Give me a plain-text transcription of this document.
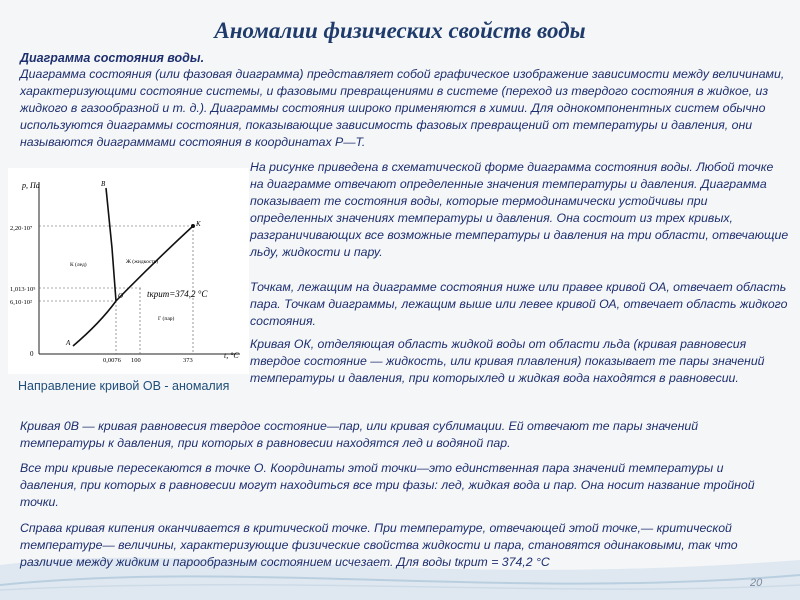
Аномалии физических свойств воды
Диаграмма состояния воды.
Диаграмма состояния (или фазовая диаграмма) представляет собой графическое изображение зависимости между величинами, характеризующими состояние системы, и фазовыми превращениями в системе (переход из твердого состояния в жидкое, из жидкого в газообразной и т. д.). Диаграммы состояния широко применяются в химии. Для однокомпонентных систем обычно используются диаграммы состояния, показывающие зависимость фазовых превращений от температуры и давления, они называются диаграммами состояния в координатах P—T.
p, Па
t, °C
2,20·10⁷
1,013·10⁵
6,10·10²
0
0,0076 100	373
B
K
O
A
К (лед)	Ж (жидкость)
Г (пар)
tкрит=374,2 °С
Направление кривой ОВ - аномалия
На рисунке приведена в схематической форме диаграмма состояния воды. Любой точке на диаграмме отвечают определенные значения температуры и давления. Диаграмма показывает те состояния воды, которые термодинамически устойчивы при определенных значениях температуры и давления. Она состоит из трех кривых, разграничивающих все возможные температуры и давления на три области, отвечающие льду, жидкости и пару.
Точкам, лежащим на диаграмме состояния ниже или правее кривой ОА, отвечает область пара. Точкам диаграммы, лежащим выше или левее кривой ОА, отвечает область жидкого состояния.
Кривая ОК, отделяющая область жидкой воды от области льда (кривая равновесия твердое состояние — жидкость, или кривая плавления) показывает те пары значений температуры и давления, при которыхлед и жидкая вода находятся в равновесии.
Кривая 0В — кривая равновесия твердое состояние—пар, или кривая сублимации. Ей отвечают те пары значений температуры к давления, при которых в равновесии находятся лед и водяной пар.
Все три кривые пересекаются в точке О. Координаты этой точки—это единственная пара значений температуры и давления, при которых в равновесии могут находиться все три фазы: лед, жидкая вода и пар. Она носит название тройной точки.
Справа кривая кипения оканчивается в критической точке. При температуре, отвечающей этой точке,— критической температуре— величины, характеризующие физические свойства жидкости и пара, становятся одинаковыми, так что различие между жидким и парообразным состоянием исчезает. Для воды tкрит = 374,2 °С
20
